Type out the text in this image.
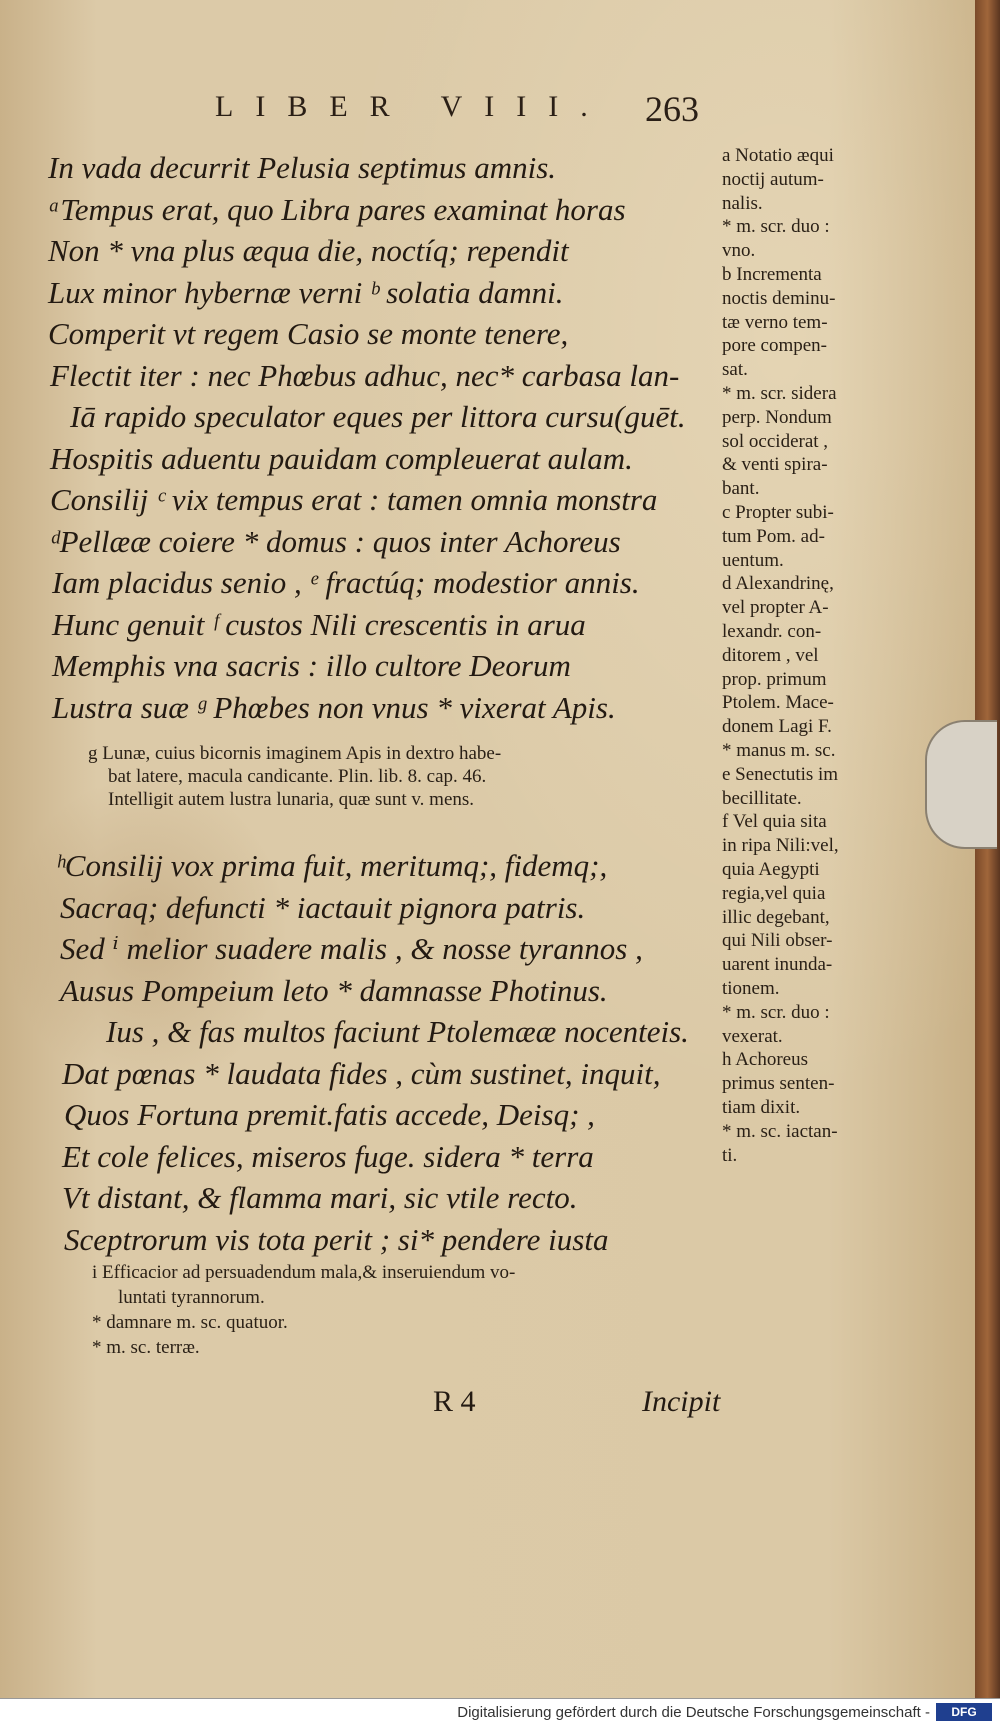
LIBER VIII. 263
In vada decurrit Pelusia septimus amnis.
ᵃTempus erat, quo Libra pares examinat horas
Non * vna plus æqua die, noctíq; rependit
Lux minor hybernæ verni ᵇ solatia damni.
Comperit vt regem Casio se monte tenere,
Flectit iter : nec Phœbus adhuc, nec* carbasa lan-
Iā rapido speculator eques per littora cursu(guēt.
Hospitis aduentu pauidam compleuerat aulam.
Consilij ᶜ vix tempus erat : tamen omnia monstra
ᵈPellææ coiere * domus : quos inter Achoreus
Iam placidus senio , ᵉ fractúq; modestior annis.
Hunc genuit ᶠ custos Nili crescentis in arua
Memphis vna sacris : illo cultore Deorum
Lustra suæ ᵍ Phœbes non vnus * vixerat Apis.
g Lunæ, cuius bicornis imaginem Apis in dextro habe-
bat latere, macula candicante. Plin. lib. 8. cap. 46.
Intelligit autem lustra lunaria, quæ sunt v. mens.
ʰConsilij vox prima fuit, meritumq;, fidemq;,
Sacraq; defuncti * iactauit pignora patris.
Sed ⁱ melior suadere malis , & nosse tyrannos ,
Ausus Pompeium leto * damnasse Photinus.
Ius , & fas multos faciunt Ptolemææ nocenteis.
Dat pœnas * laudata fides , cùm sustinet, inquit,
Quos Fortuna premit.fatis accede, Deisq; ,
Et cole felices, miseros fuge. sidera * terra
Vt distant, & flamma mari, sic vtile recto.
Sceptrorum vis tota perit ; si* pendere iusta
i Efficacior ad persuadendum mala,& inseruiendum vo-
luntati tyrannorum.
* damnare m. sc. quatuor.
* m. sc. terræ.
a Notatio æqui
noctij autum-
nalis.
* m. scr. duo :
vno.
b Incrementa
noctis deminu-
tæ verno tem-
pore compen-
sat.
* m. scr. sidera
perp. Nondum
sol occiderat ,
& venti spira-
bant.
c Propter subi-
tum Pom. ad-
uentum.
d Alexandrinę,
vel propter A-
lexandr. con-
ditorem , vel
prop. primum
Ptolem. Mace-
donem Lagi F.
* manus m. sc.
e Senectutis im
becillitate.
f Vel quia sita
in ripa Nili:vel,
quia Aegypti
regia,vel quia
illic degebant,
qui Nili obser-
uarent inunda-
tionem.
* m. scr. duo :
vexerat.
h Achoreus
primus senten-
tiam dixit.
* m. sc. iactan-
ti.
R 4	Incipit
Digitalisierung gefördert durch die Deutsche Forschungsgemeinschaft -	DFG
